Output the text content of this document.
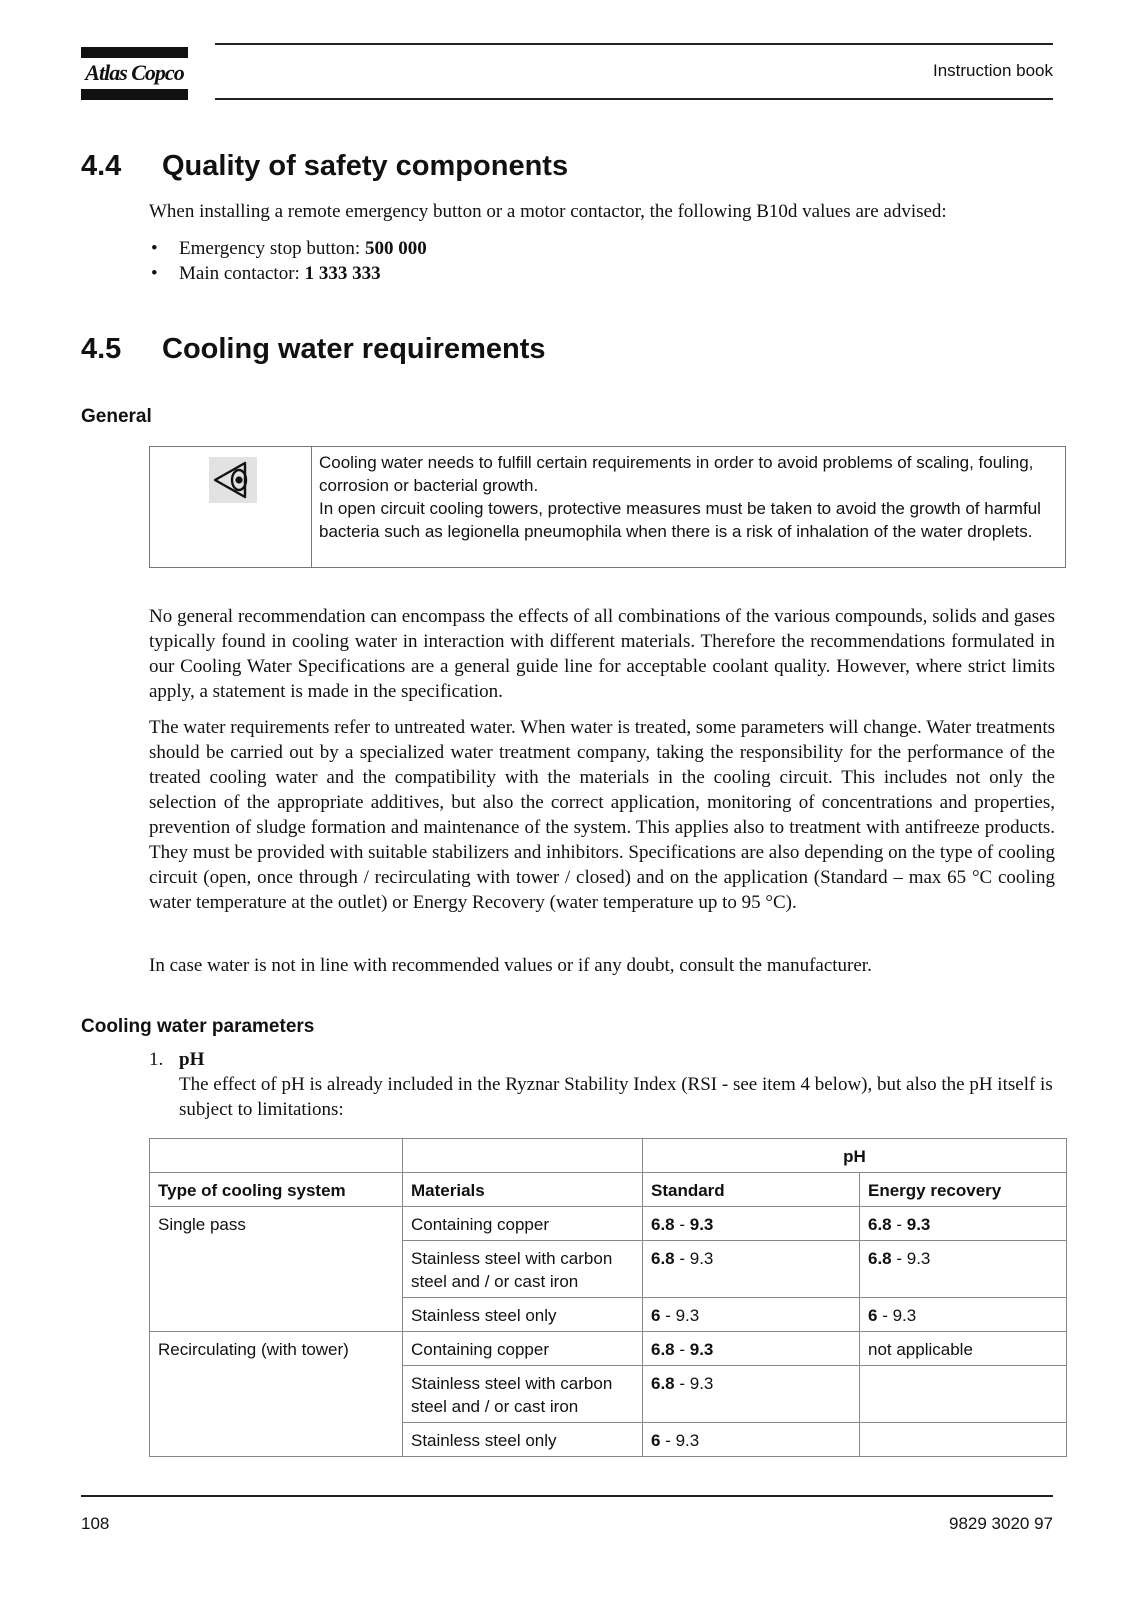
Atlas Copco	Instruction book
4.4 Quality of safety components
When installing a remote emergency button or a motor contactor, the following B10d values are advised:
• Emergency stop button: 500 000
• Main contactor: 1 333 333
4.5 Cooling water requirements
General
Cooling water needs to fulfill certain requirements in order to avoid problems of scaling, fouling, corrosion or bacterial growth.
In open circuit cooling towers, protective measures must be taken to avoid the growth of harmful bacteria such as legionella pneumophila when there is a risk of inhalation of the water droplets.
No general recommendation can encompass the effects of all combinations of the various compounds, solids and gases typically found in cooling water in interaction with different materials. Therefore the recommendations formulated in our Cooling Water Specifications are a general guide line for acceptable coolant quality. However, where strict limits apply, a statement is made in the specification.
The water requirements refer to untreated water. When water is treated, some parameters will change. Water treatments should be carried out by a specialized water treatment company, taking the responsibility for the performance of the treated cooling water and the compatibility with the materials in the cooling circuit. This includes not only the selection of the appropriate additives, but also the correct application, monitoring of concentrations and properties, prevention of sludge formation and maintenance of the system. This applies also to treatment with antifreeze products. They must be provided with suitable stabilizers and inhibitors. Specifications are also depending on the type of cooling circuit (open, once through / recirculating with tower / closed) and on the application (Standard – max 65 °C cooling water temperature at the outlet) or Energy Recovery (water temperature up to 95 °C).
In case water is not in line with recommended values or if any doubt, consult the manufacturer.
Cooling water parameters
1. pH
The effect of pH is already included in the Ryznar Stability Index (RSI - see item 4 below), but also the pH itself is subject to limitations:
		pH	
Type of cooling system	Materials	Standard	Energy recovery
Single pass	Containing copper	6.8 - 9.3	6.8 - 9.3
	Stainless steel with carbon steel and / or cast iron	6.8 - 9.3	6.8 - 9.3
	Stainless steel only	6 - 9.3	6 - 9.3
Recirculating (with tower)	Containing copper	6.8 - 9.3	not applicable
	Stainless steel with carbon steel and / or cast iron	6.8 - 9.3	
	Stainless steel only	6 - 9.3	
108	9829 3020 97
